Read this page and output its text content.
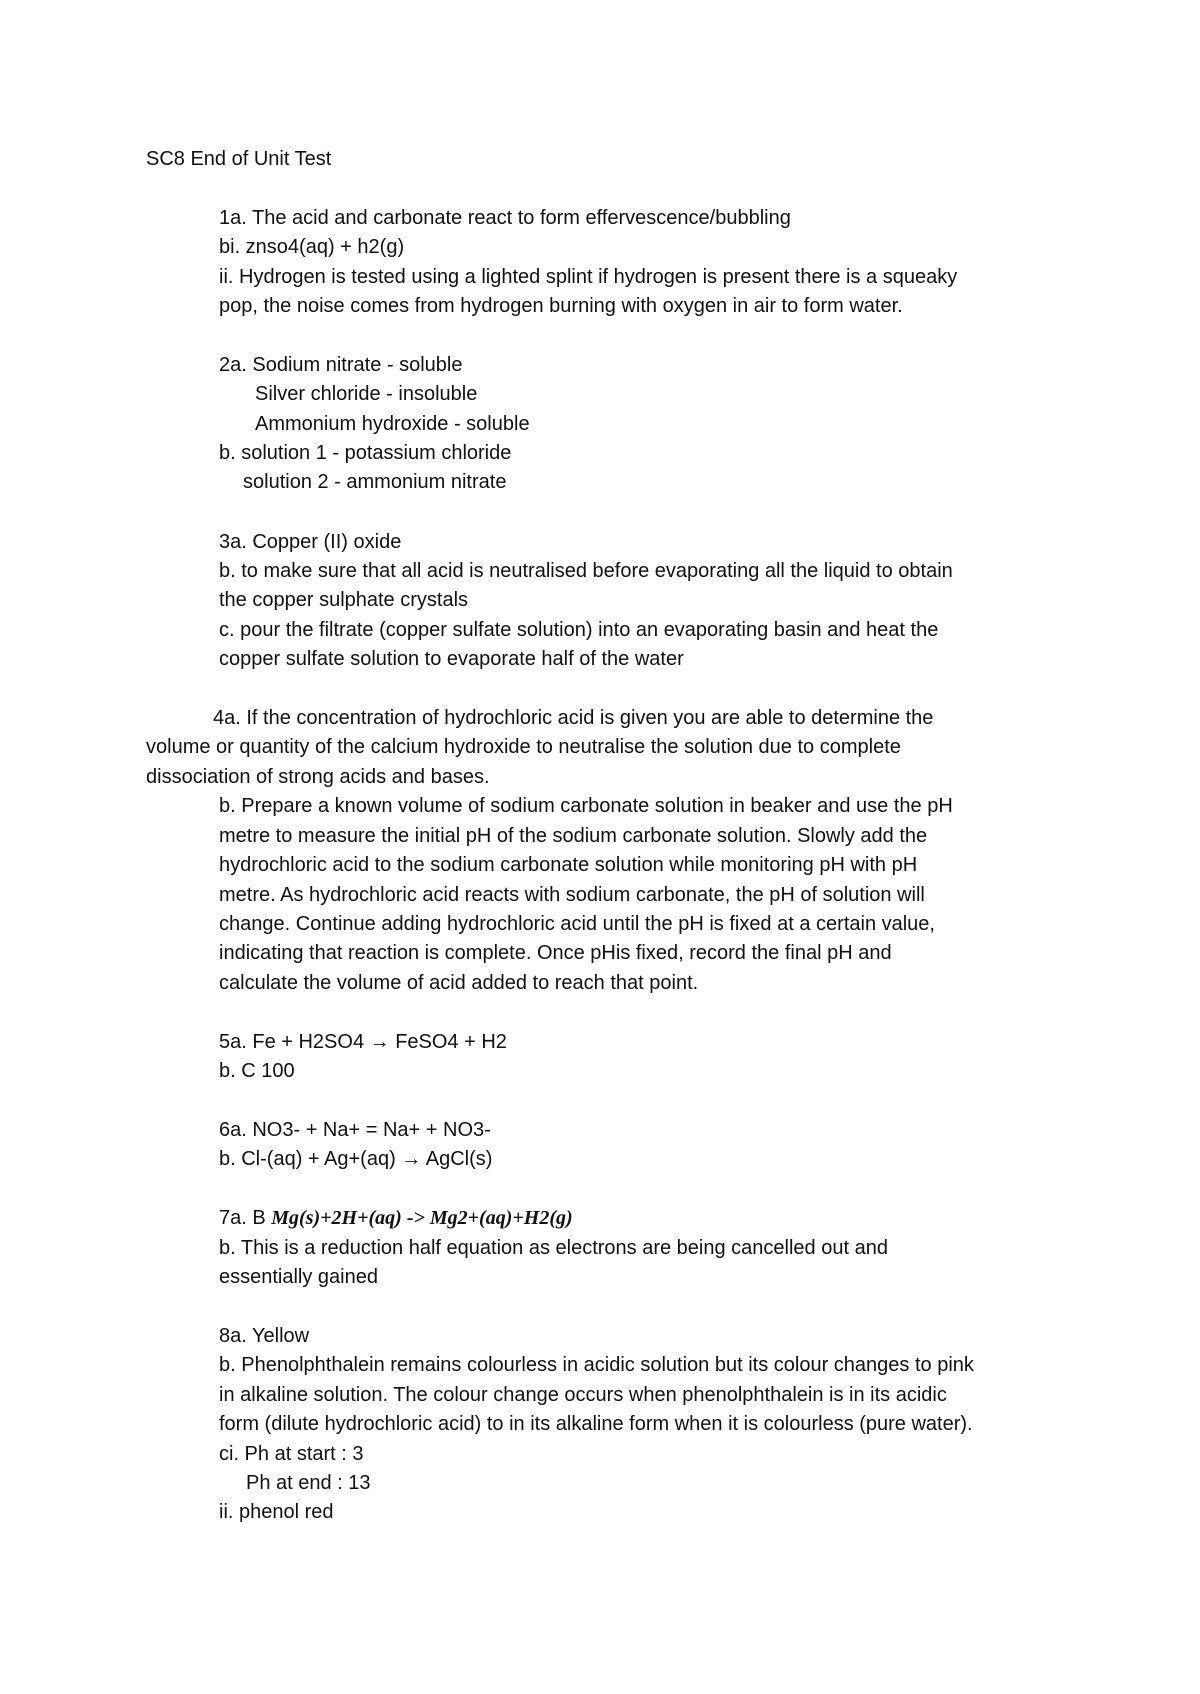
SC8 End of Unit Test
1a. The acid and carbonate react to form effervescence/bubbling
bi. znso4(aq) + h2(g)
ii. Hydrogen is tested using a lighted splint if hydrogen is present there is a squeaky
pop, the noise comes from hydrogen burning with oxygen in air to form water.
2a. Sodium nitrate - soluble
Silver chloride - insoluble
Ammonium hydroxide - soluble
b. solution 1 - potassium chloride
solution 2 - ammonium nitrate
3a. Copper (II) oxide
b. to make sure that all acid is neutralised before evaporating all the liquid to obtain
the copper sulphate crystals
c. pour the filtrate (copper sulfate solution) into an evaporating basin and heat the
copper sulfate solution to evaporate half of the water
4a. If the concentration of hydrochloric acid is given you are able to determine the
volume or quantity of the calcium hydroxide to neutralise the solution due to complete
dissociation of strong acids and bases.
b. Prepare a known volume of sodium carbonate solution in beaker and use the pH
metre to measure the initial pH of the sodium carbonate solution. Slowly add the
hydrochloric acid to the sodium carbonate solution while monitoring pH with pH
metre. As hydrochloric acid reacts with sodium carbonate, the pH of solution will
change. Continue adding hydrochloric acid until the pH is fixed at a certain value,
indicating that reaction is complete. Once pHis fixed, record the final pH and
calculate the volume of acid added to reach that point.
5a. Fe + H2SO4 → FeSO4 + H2
b. C 100
6a. NO3- + Na+ = Na+ + NO3-
b. Cl-(aq) + Ag+(aq) → AgCl(s)
7a. B Mg(s)+2H+(aq) -> Mg2+(aq)+H2(g)
b. This is a reduction half equation as electrons are being cancelled out and
essentially gained
8a. Yellow
b. Phenolphthalein remains colourless in acidic solution but its colour changes to pink
in alkaline solution. The colour change occurs when phenolphthalein is in its acidic
form (dilute hydrochloric acid) to in its alkaline form when it is colourless (pure water).
ci. Ph at start : 3
Ph at end : 13
ii. phenol red
